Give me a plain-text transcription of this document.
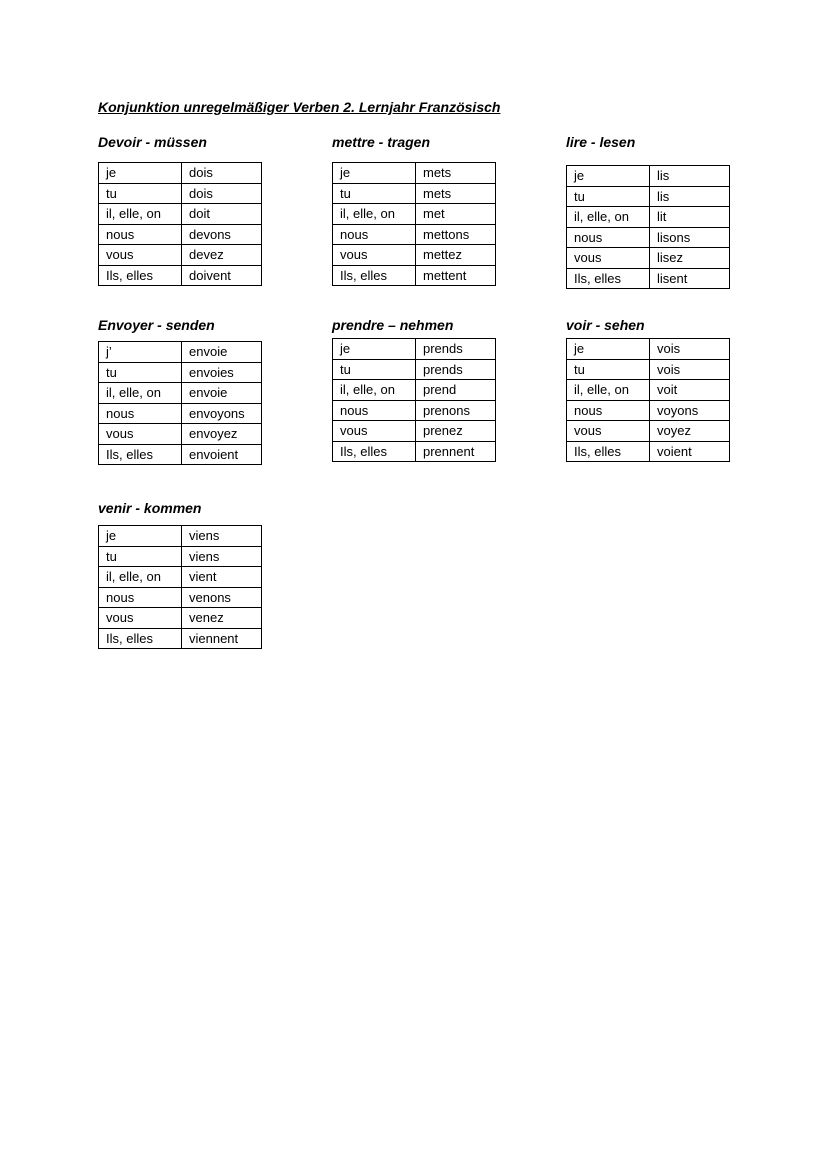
Konjunktion unregelmäßiger Verben 2. Lernjahr Französisch
Devoir - müssen
je	dois
tu	dois
il, elle, on	doit
nous	devons
vous	devez
Ils, elles	doivent
mettre - tragen
je	mets
tu	mets
il, elle, on	met
nous	mettons
vous	mettez
Ils, elles	mettent
lire - lesen
je	lis
tu	lis
il, elle, on	lit
nous	lisons
vous	lisez
Ils, elles	lisent
Envoyer - senden
j’	envoie
tu	envoies
il, elle, on	envoie
nous	envoyons
vous	envoyez
Ils, elles	envoient
prendre – nehmen
je	prends
tu	prends
il, elle, on	prend
nous	prenons
vous	prenez
Ils, elles	prennent
voir - sehen
je	vois
tu	vois
il, elle, on	voit
nous	voyons
vous	voyez
Ils, elles	voient
venir - kommen
je	viens
tu	viens
il, elle, on	vient
nous	venons
vous	venez
Ils, elles	viennent
